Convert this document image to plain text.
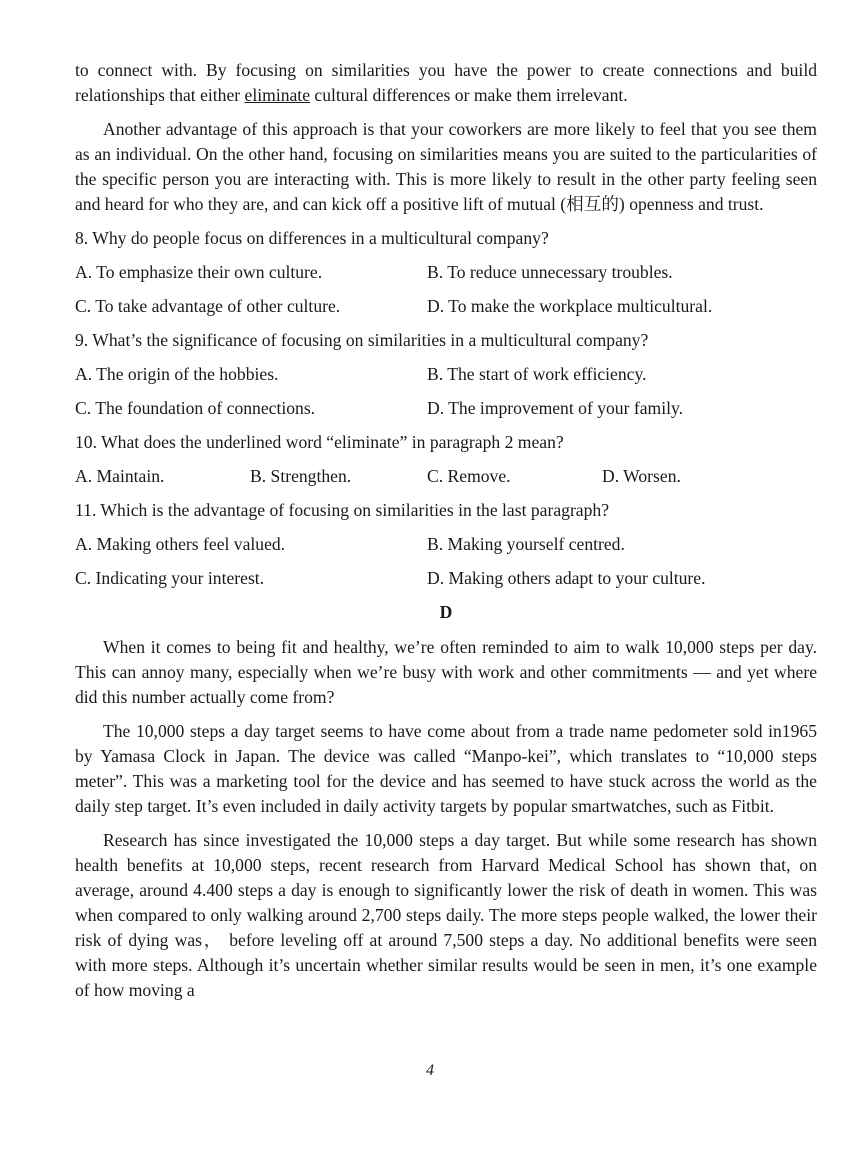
to connect with. By focusing on similarities you have the power to create connections and build relationships that either eliminate cultural differences or make them irrelevant.

Another advantage of this approach is that your coworkers are more likely to feel that you see them as an individual. On the other hand, focusing on similarities means you are suited to the particularities of the specific person you are interacting with. This is more likely to result in the other party feeling seen and heard for who they are, and can kick off a positive lift of mutual (相互的) openness and trust.

8. Why do people focus on differences in a multicultural company?
A. To emphasize their own culture.	B. To reduce unnecessary troubles.
C. To take advantage of other culture.	D. To make the workplace multicultural.
9. What’s the significance of focusing on similarities in a multicultural company?
A. The origin of the hobbies.	B. The start of work efficiency.
C. The foundation of connections.	D. The improvement of your family.
10. What does the underlined word “eliminate” in paragraph 2 mean?
A. Maintain.	B. Strengthen.	C. Remove.	D. Worsen.
11. Which is the advantage of focusing on similarities in the last paragraph?
A. Making others feel valued.	B. Making yourself centred.
C. Indicating your interest.	D. Making others adapt to your culture.
D

When it comes to being fit and healthy, we’re often reminded to aim to walk 10,000 steps per day. This can annoy many, especially when we’re busy with work and other commitments — and yet where did this number actually come from?

The 10,000 steps a day target seems to have come about from a trade name pedometer sold in1965 by Yamasa Clock in Japan. The device was called “Manpo-kei”, which translates to “10,000 steps meter”. This was a marketing tool for the device and has seemed to have stuck across the world as the daily step target. It’s even included in daily activity targets by popular smartwatches, such as Fitbit.

Research has since investigated the 10,000 steps a day target. But while some research has shown health benefits at 10,000 steps, recent research from Harvard Medical School has shown that, on average, around 4.400 steps a day is enough to significantly lower the risk of death in women. This was when compared to only walking around 2,700 steps daily. The more steps people walked, the lower their risk of dying was， before leveling off at around 7,500 steps a day. No additional benefits were seen with more steps. Although it’s uncertain whether similar results would be seen in men, it’s one example of how moving a

4
